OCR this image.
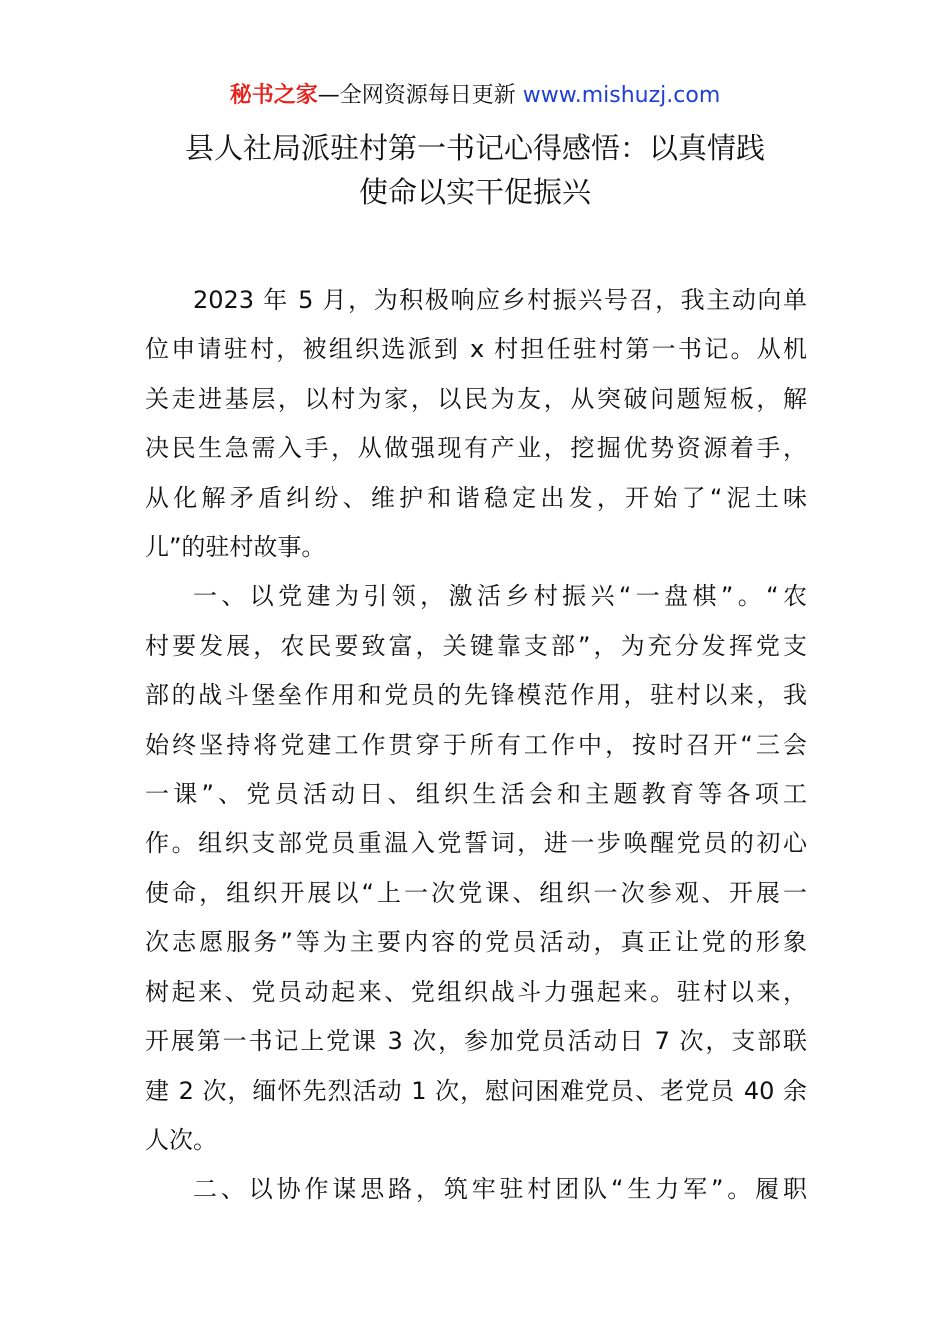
秘书之家—全网资源每日更新 www.mishuzj.com
县人社局派驻村第一书记心得感悟：以真情践
使命以实干促振兴
2023 年 5 月，为积极响应乡村振兴号召，我主动向单
位申请驻村，被组织选派到 x 村担任驻村第一书记。从机
关走进基层，以村为家，以民为友，从突破问题短板，解
决民生急需入手，从做强现有产业，挖掘优势资源着手，
从化解矛盾纠纷、维护和谐稳定出发，开始了“泥土味
儿”的驻村故事。
一、以党建为引领，激活乡村振兴“一盘棋”。“农
村要发展，农民要致富，关键靠支部”，为充分发挥党支
部的战斗堡垒作用和党员的先锋模范作用，驻村以来，我
始终坚持将党建工作贯穿于所有工作中，按时召开“三会
一课”、党员活动日、组织生活会和主题教育等各项工
作。组织支部党员重温入党誓词，进一步唤醒党员的初心
使命，组织开展以“上一次党课、组织一次参观、开展一
次志愿服务”等为主要内容的党员活动，真正让党的形象
树起来、党员动起来、党组织战斗力强起来。驻村以来，
开展第一书记上党课 3 次，参加党员活动日 7 次，支部联
建 2 次，缅怀先烈活动 1 次，慰问困难党员、老党员 40 余
人次。
二、以协作谋思路，筑牢驻村团队“生力军”。履职
